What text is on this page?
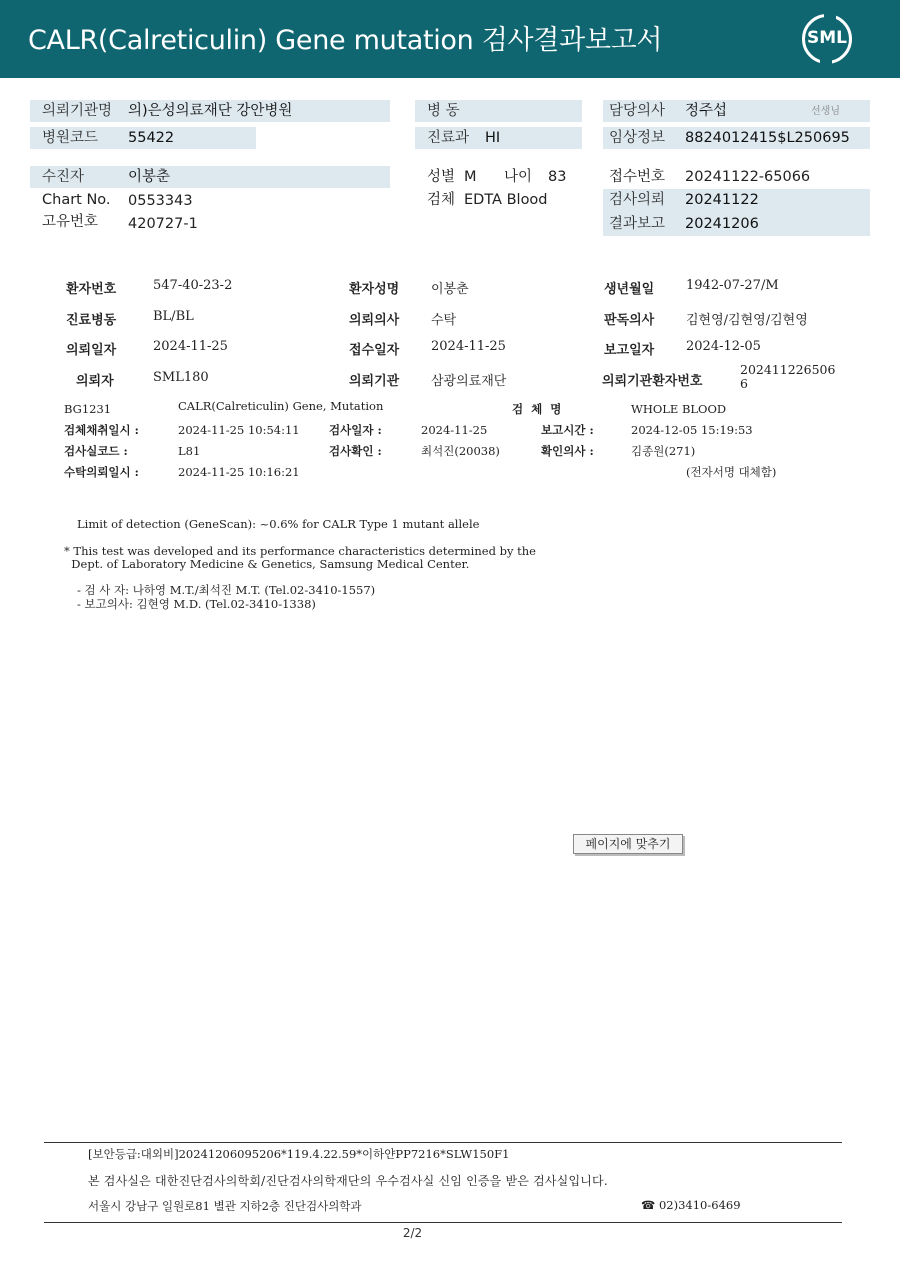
CALR(Calreticulin) Gene mutation 검사결과보고서	SML
의뢰기관명 의)은성의료재단 강안병원
병원코드 55422
병 동
진료과 HI
담당의사 정주섭	선생님
임상정보 8824012415$L250695
수진자	이봉춘
Chart No. 0553343
고유번호 420727-1
성별 M 나이 83
검체 EDTA Blood
접수번호 20241122-65066
검사의뢰 20241122
결과보고 20241206
환자번호	547-40-23-2	환자성명 이봉춘	생년월일 1942-07-27/M
진료병동	BL/BL	의뢰의사 수탁	판독의사 김현영/김현영/김현영
의뢰일자	2024-11-25	접수일자 2024-11-25	보고일자 2024-12-05
의뢰자	SML180	의뢰기관 삼광의료재단	의뢰기관환자번호
202411226506
6
BG1231	CALR(Calreticulin) Gene, Mutation	검  체  명	WHOLE BLOOD
검체채취일시 :	2024-11-25 10:54:11	검사일자 :	2024-11-25	보고시간 :	2024-12-05 15:19:53
검사실코드 :	L81	검사확인 :	최석진(20038)	확인의사 :	김종원(271)
수탁의뢰일시 :	2024-11-25 10:16:21	(전자서명 대체함)
Limit of detection (GeneScan): ~0.6% for CALR Type 1 mutant allele
* This test was developed and its performance characteristics determined by the
Dept. of Laboratory Medicine & Genetics, Samsung Medical Center.
- 검 사 자: 나하영 M.T./최석진 M.T. (Tel.02-3410-1557)
- 보고의사: 김현영 M.D. (Tel.02-3410-1338)
페이지에 맞추기
[보안등급:대외비]20241206095206*119.4.22.59*이하얀PP7216*SLW150F1
본 검사실은 대한진단검사의학회/진단검사의학재단의 우수검사실 신임 인증을 받은 검사실입니다.
서울시 강남구 일원로81 별관 지하2층 진단검사의학과	☎ 02)3410-6469
2/2
